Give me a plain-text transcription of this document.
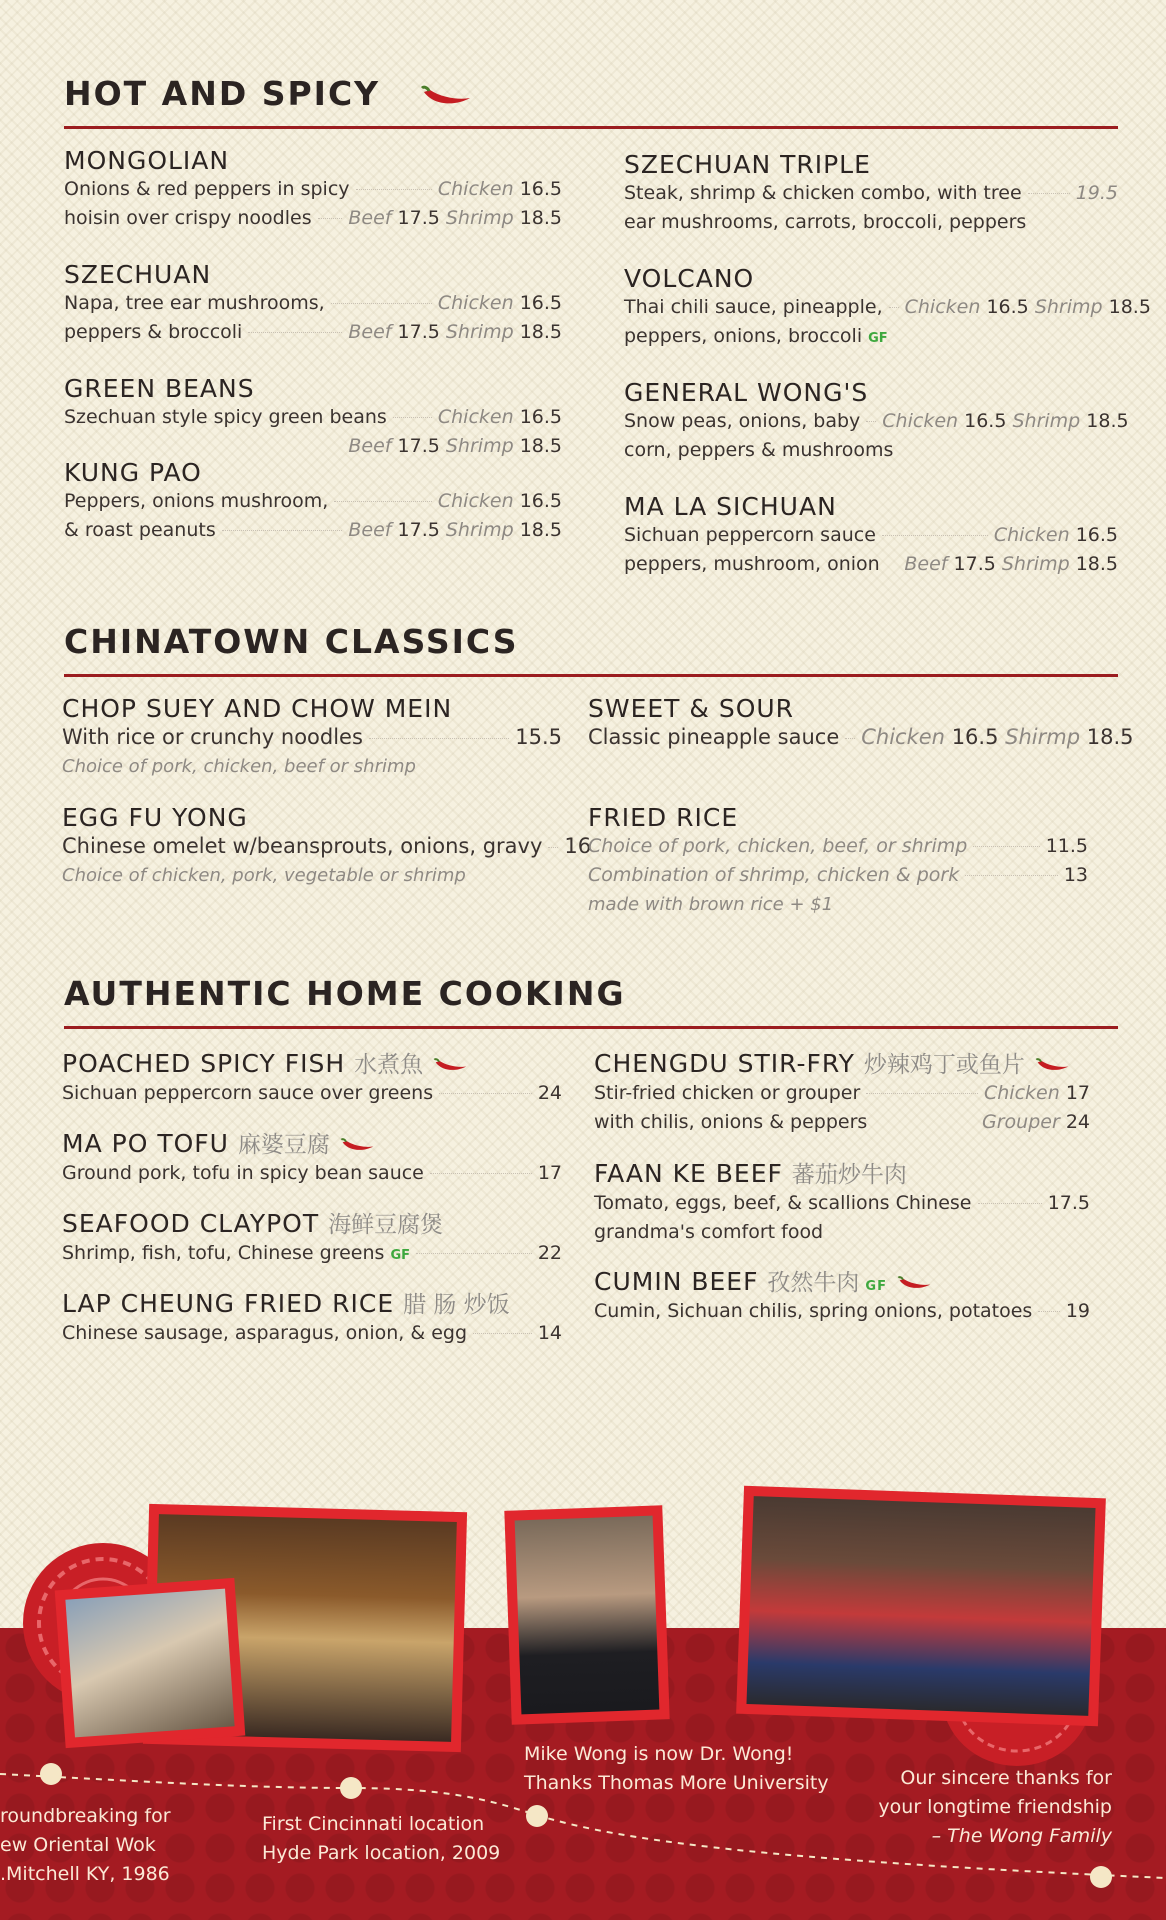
HOT AND SPICY
MONGOLIAN
Onions & red peppers in spicy	Chicken 16.5
hoisin over crispy noodles Beef 17.5 Shrimp 18.5
SZECHUAN
Napa, tree ear mushrooms,	Chicken 16.5
peppers & broccoli	Beef 17.5 Shrimp 18.5
GREEN BEANS
Szechuan style spicy green beans	Chicken 16.5
Beef 17.5 Shrimp 18.5
KUNG PAO
Peppers, onions mushroom,	Chicken 16.5
& roast peanuts	Beef 17.5 Shrimp 18.5
SZECHUAN TRIPLE
Steak, shrimp & chicken combo, with tree	19.5
ear mushrooms, carrots, broccoli, peppers
VOLCANO
Thai chili sauce, pineapple, Chicken 16.5 Shrimp 18.5
peppers, onions, broccoli GF
GENERAL WONG'S
Snow peas, onions, baby Chicken 16.5 Shrimp 18.5
corn, peppers & mushrooms
MA LA SICHUAN
Sichuan peppercorn sauce	Chicken 16.5
peppers, mushroom, onion Beef 17.5 Shrimp 18.5
CHINATOWN CLASSICS
CHOP SUEY AND CHOW MEIN
With rice or crunchy noodles	15.5
Choice of pork, chicken, beef or shrimp
EGG FU YONG
Chinese omelet w/beansprouts, onions, gravy 16
Choice of chicken, pork, vegetable or shrimp
SWEET & SOUR
Classic pineapple sauce Chicken 16.5 Shirmp 18.5
FRIED RICE
Choice of pork, chicken, beef, or shrimp	11.5
Combination of shrimp, chicken & pork	13
made with brown rice + $1
AUTHENTIC HOME COOKING
POACHED SPICY FISH 水煮魚
Sichuan peppercorn sauce over greens	24
MA PO TOFU 麻婆豆腐
Ground pork, tofu in spicy bean sauce	17
SEAFOOD CLAYPOT 海鲜豆腐煲
Shrimp, fish, tofu, Chinese greens GF	22
LAP CHEUNG FRIED RICE 腊 肠 炒饭
Chinese sausage, asparagus, onion, & egg	14
CHENGDU STIR-FRY 炒辣鸡丁或鱼片
Stir-fried chicken or grouper	Chicken 17
with chilis, onions & peppers	Grouper 24
FAAN KE BEEF 蕃茄炒牛肉
Tomato, eggs, beef, & scallions Chinese	17.5
grandma's comfort food
CUMIN BEEF 孜然牛肉 GF
Cumin, Sichuan chilis, spring onions, potatoes 19
roundbreaking for
ew Oriental Wok
.Mitchell KY, 1986
First Cincinnati location
Hyde Park location, 2009
Mike Wong is now Dr. Wong!
Thanks Thomas More University	Our sincere thanks for
your longtime friendship
– The Wong Family
